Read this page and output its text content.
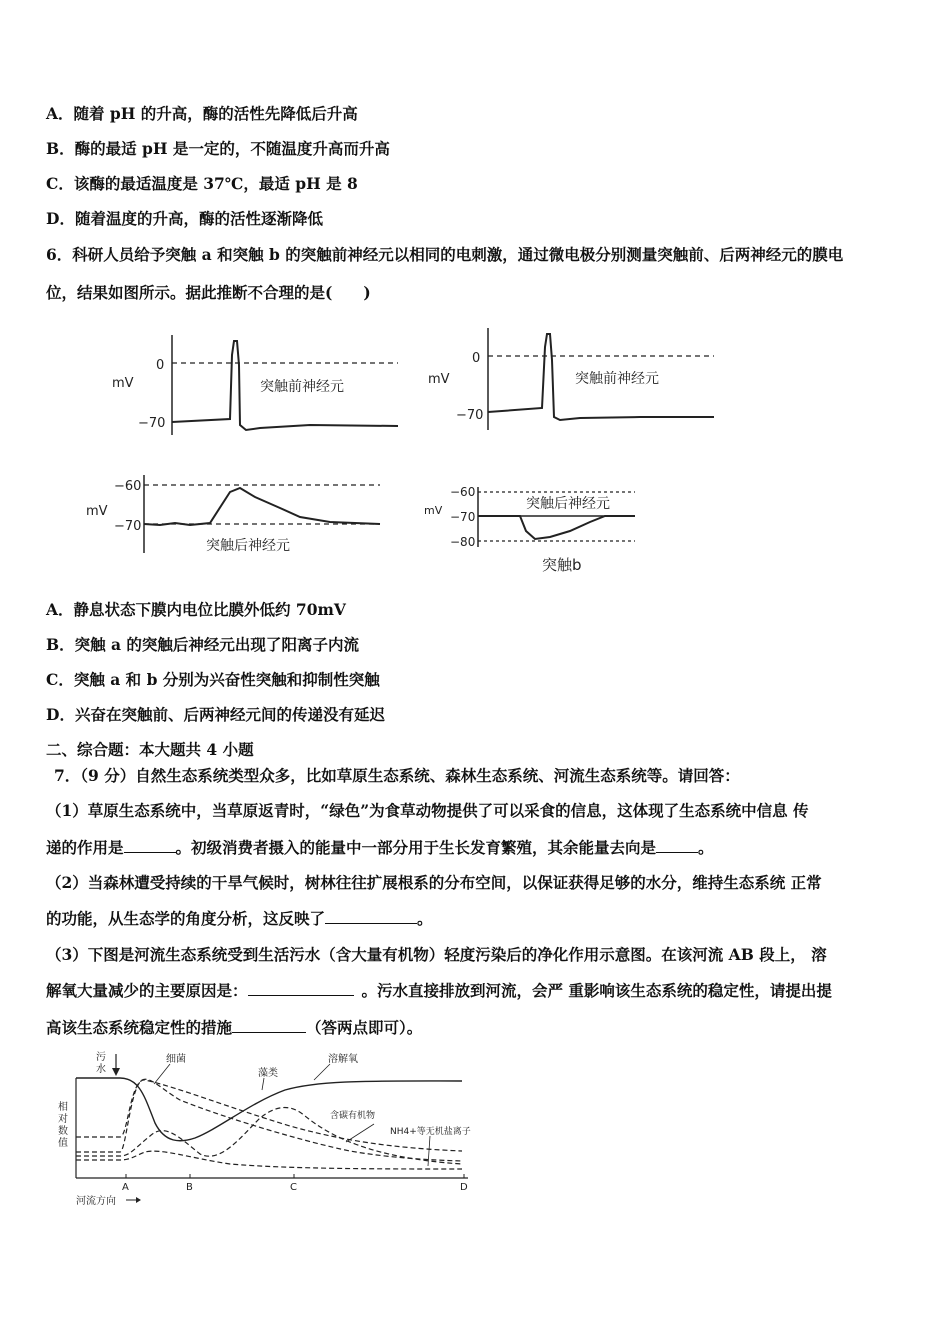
A．随着 pH 的升高，酶的活性先降低后升高
B．酶的最适 pH 是一定的，不随温度升高而升高
C．该酶的最适温度是 37℃，最适 pH 是 8
D．随着温度的升高，酶的活性逐渐降低
6．科研人员给予突触 a 和突触 b 的突触前神经元以相同的电刺激，通过微电极分别测量突触前、后两神经元的膜电
位，结果如图所示。据此推断不合理的是(　　)
0
mV
−70
突触前神经元
0
mV
−70
突触前神经元
−60
mV
−70
突触后神经元
−60
mV −70
−80
突触后神经元
突触b
A．静息状态下膜内电位比膜外低约 70mV
B．突触 a 的突触后神经元出现了阳离子内流
C．突触 a 和 b 分别为兴奋性突触和抑制性突触
D．兴奋在突触前、后两神经元间的传递没有延迟
二、综合题：本大题共 4 小题
7．（9 分）自然生态系统类型众多，比如草原生态系统、森林生态系统、河流生态系统等。请回答：
（1）草原生态系统中，当草原返青时，“绿色”为食草动物提供了可以采食的信息，这体现了生态系统中信息 传
递的作用是	。初级消费者摄入的能量中一部分用于生长发育繁殖，其余能量去向是	。
（2）当森林遭受持续的干旱气候时，树林往往扩展根系的分布空间，以保证获得足够的水分，维持生态系统 正常
的功能，从生态学的角度分析，这反映了	。
（3）下图是河流生态系统受到生活污水（含大量有机物）轻度污染后的净化作用示意图。在该河流 AB 段上， 溶
解氧大量减少的主要原因是：	。污水直接排放到河流，会严 重影响该生态系统的稳定性，请提出提
高该生态系统稳定性的措施	（答两点即可）。
污
水
相
对
数
值
细菌
藻类
溶解氧
含碳有机物
NH4+等无机盐离子
A	B	C	D
河流方向
